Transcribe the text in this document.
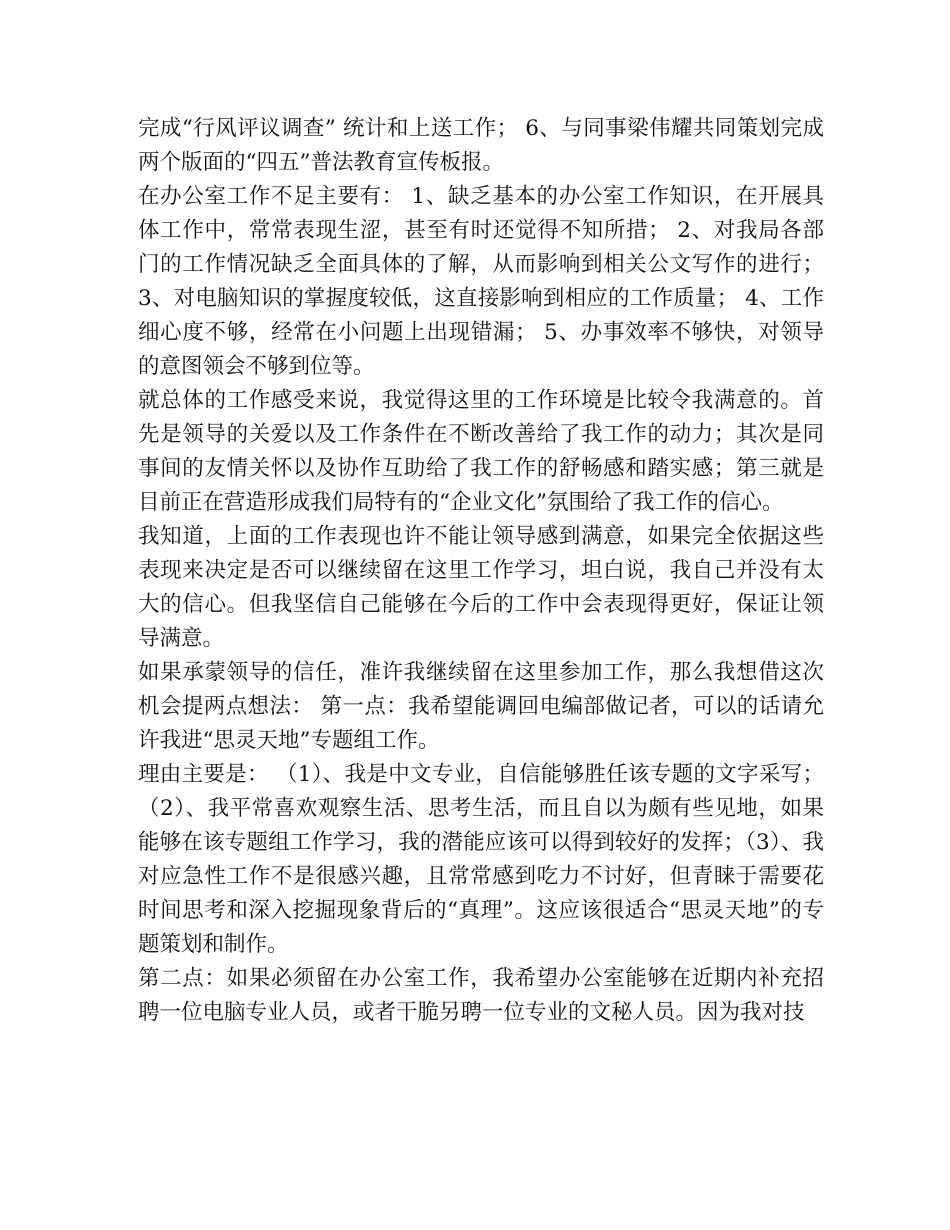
完成“行风评议调查” 统计和上送工作； 6、与同事梁伟耀共同策划完成两个版面的“四五”普法教育宣传板报。

在办公室工作不足主要有： 1、缺乏基本的办公室工作知识，在开展具体工作中，常常表现生涩，甚至有时还觉得不知所措； 2、对我局各部门的工作情况缺乏全面具体的了解，从而影响到相关公文写作的进行； 3、对电脑知识的掌握度较低，这直接影响到相应的工作质量； 4、工作细心度不够，经常在小问题上出现错漏； 5、办事效率不够快，对领导的意图领会不够到位等。

就总体的工作感受来说，我觉得这里的工作环境是比较令我满意的。首先是领导的关爱以及工作条件在不断改善给了我工作的动力；其次是同事间的友情关怀以及协作互助给了我工作的舒畅感和踏实感；第三就是目前正在营造形成我们局特有的“企业文化”氛围给了我工作的信心。

我知道，上面的工作表现也许不能让领导感到满意，如果完全依据这些表现来决定是否可以继续留在这里工作学习，坦白说，我自己并没有太大的信心。但我坚信自己能够在今后的工作中会表现得更好，保证让领导满意。

如果承蒙领导的信任，准许我继续留在这里参加工作，那么我想借这次机会提两点想法： 第一点：我希望能调回电编部做记者，可以的话请允许我进“思灵天地”专题组工作。

理由主要是： （1）、我是中文专业，自信能够胜任该专题的文字采写；（2）、我平常喜欢观察生活、思考生活，而且自以为颇有些见地，如果能够在该专题组工作学习，我的潜能应该可以得到较好的发挥；（3）、我对应急性工作不是很感兴趣，且常常感到吃力不讨好，但青睐于需要花时间思考和深入挖掘现象背后的“真理”。这应该很适合“思灵天地”的专题策划和制作。

第二点：如果必须留在办公室工作，我希望办公室能够在近期内补充招聘一位电脑专业人员，或者干脆另聘一位专业的文秘人员。因为我对技
